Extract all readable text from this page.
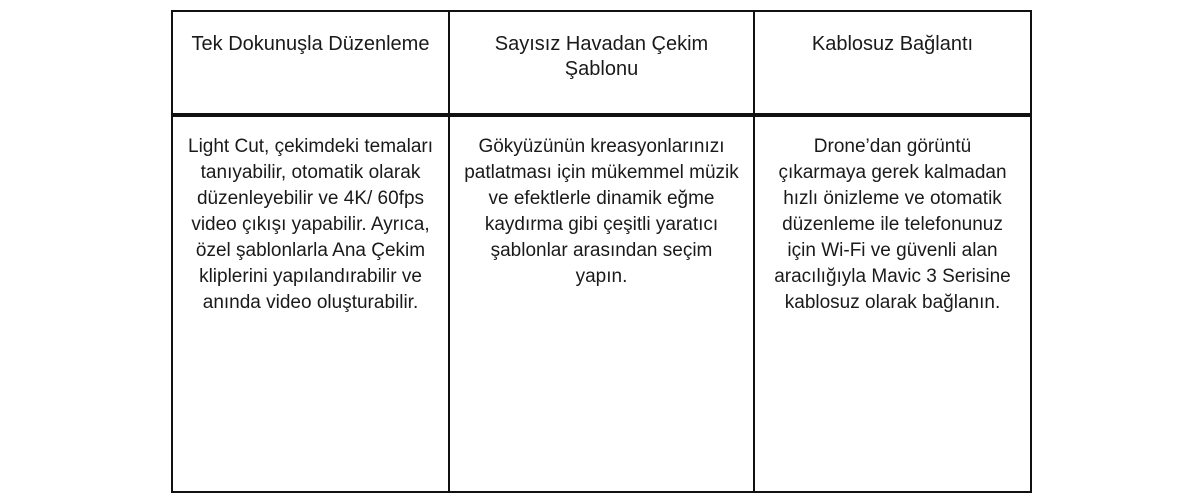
Tek Dokunuşla Düzenleme	Sayısız Havadan Çekim Şablonu	Kablosuz Bağlantı

Light Cut, çekimdeki temaları tanıyabilir, otomatik olarak düzenleyebilir ve 4K/ 60fps video çıkışı yapabilir. Ayrıca, özel şablonlarla Ana Çekim kliplerini yapılandırabilir ve anında video oluşturabilir.	Gökyüzünün kreasyonlarınızı patlatması için mükemmel müzik ve efektlerle dinamik eğme kaydırma gibi çeşitli yaratıcı şablonlar arasından seçim yapın.	Drone’dan görüntü çıkarmaya gerek kalmadan hızlı önizleme ve otomatik düzenleme ile telefonunuz için Wi-Fi ve güvenli alan aracılığıyla Mavic 3 Serisine kablosuz olarak bağlanın.
